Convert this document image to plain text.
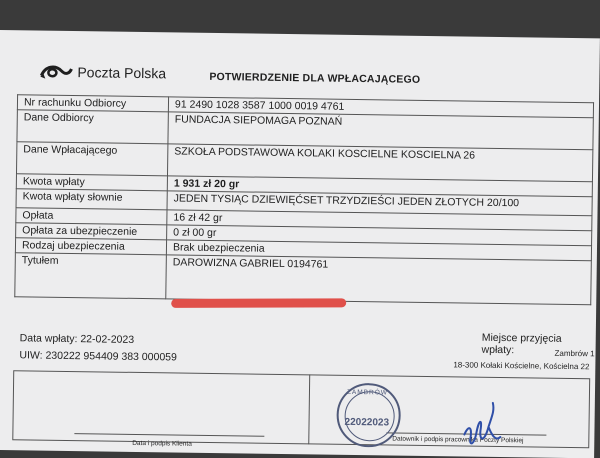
Poczta Polska	POTWIERDZENIE DLA WPŁACAJĄCEGO
Nr rachunku Odbiorcy	91 2490 1028 3587 1000 0019 4761
Dane Odbiorcy	FUNDACJA SIEPOMAGA POZNAŃ
Dane Wpłacającego	SZKOŁA PODSTAWOWA KOLAKI KOSCIELNE KOSCIELNA 26
Kwota wpłaty	1 931 zł 20 gr
Kwota wpłaty słownie	JEDEN TYSIĄC DZIEWIĘĆSET TRZYDZIEŚCI JEDEN ZŁOTYCH 20/100
Opłata	16 zł 42 gr
Opłata za ubezpieczenie	0 zł 00 gr
Rodzaj ubezpieczenia	Brak ubezpieczenia
Tytułem	DAROWIZNA GABRIEL 0194761
Data wpłaty: 22-02-2023
UIW: 230222 954409 383 000059
Miejsce przyjęcia wpłaty:	Zambrów 1
18-300 Kołaki Kościelne, Kościelna 22
Data i podpis Klienta	Datownik i podpis pracownika Poczty Polskiej
ZAMBRÓW
22022023
